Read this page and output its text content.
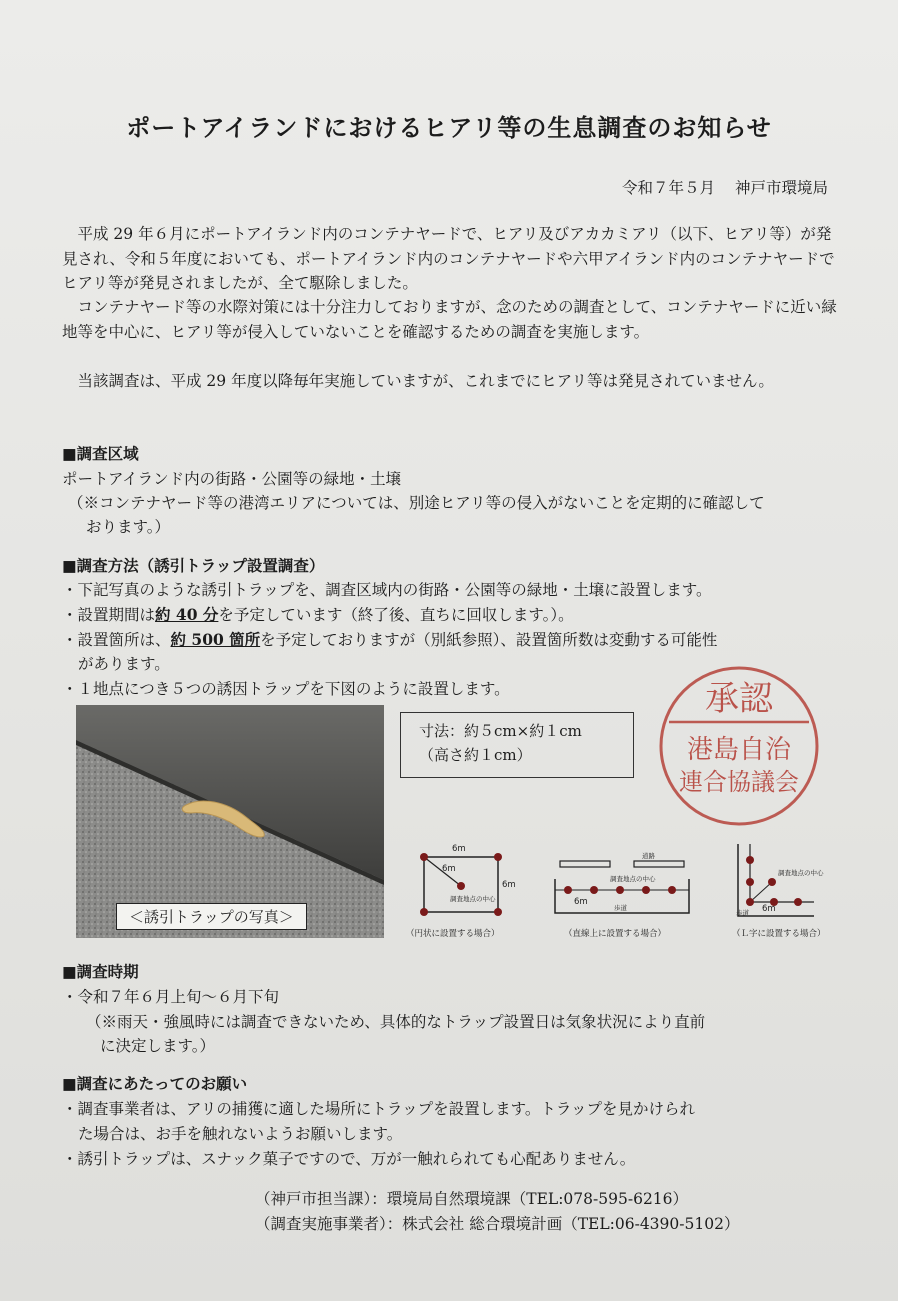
ポートアイランドにおけるヒアリ等の生息調査のお知らせ
令和７年５月 神戸市環境局
平成 29 年６月にポートアイランド内のコンテナヤードで、ヒアリ及びアカカミアリ（以下、ヒアリ等）が発見され、令和５年度においても、ポートアイランド内のコンテナヤードや六甲アイランド内のコンテナヤードでヒアリ等が発見されましたが、全て駆除しました。
コンテナヤード等の水際対策には十分注力しておりますが、念のための調査として、コンテナヤードに近い緑地等を中心に、ヒアリ等が侵入していないことを確認するための調査を実施します。
当該調査は、平成 29 年度以降毎年実施していますが、これまでにヒアリ等は発見されていません。
■調査区域
ポートアイランド内の街路・公園等の緑地・土壌
（※コンテナヤード等の港湾エリアについては、別途ヒアリ等の侵入がないことを定期的に確認して
おります。）
■調査方法（誘引トラップ設置調査）
・下記写真のような誘引トラップを、調査区域内の街路・公園等の緑地・土壌に設置します。
・設置期間は約 40 分を予定しています（終了後、直ちに回収します。）。
・設置箇所は、約 500 箇所を予定しておりますが（別紙参照）、設置箇所数は変動する可能性
があります。
・１地点につき５つの誘因トラップを下図のように設置します。
＜誘引トラップの写真＞
寸法：約５cm×約１cm
（高さ約１cm）
6m
6m
6m
調査地点の中心
（円状に設置する場合）
道路
調査地点の中心
6m
歩道
（直線上に設置する場合）
調査地点の中心
歩道 6m
（Ｌ字に設置する場合）
承認
港島自治
連合協議会
■調査時期
・令和７年６月上旬〜６月下旬
（※雨天・強風時には調査できないため、具体的なトラップ設置日は気象状況により直前
に決定します。）
■調査にあたってのお願い
・調査事業者は、アリの捕獲に適した場所にトラップを設置します。トラップを見かけられ
た場合は、お手を触れないようお願いします。
・誘引トラップは、スナック菓子ですので、万が一触れられても心配ありません。
（神戸市担当課）：環境局自然環境課（TEL:078-595-6216）
（調査実施事業者）：株式会社 総合環境計画（TEL:06-4390-5102）
